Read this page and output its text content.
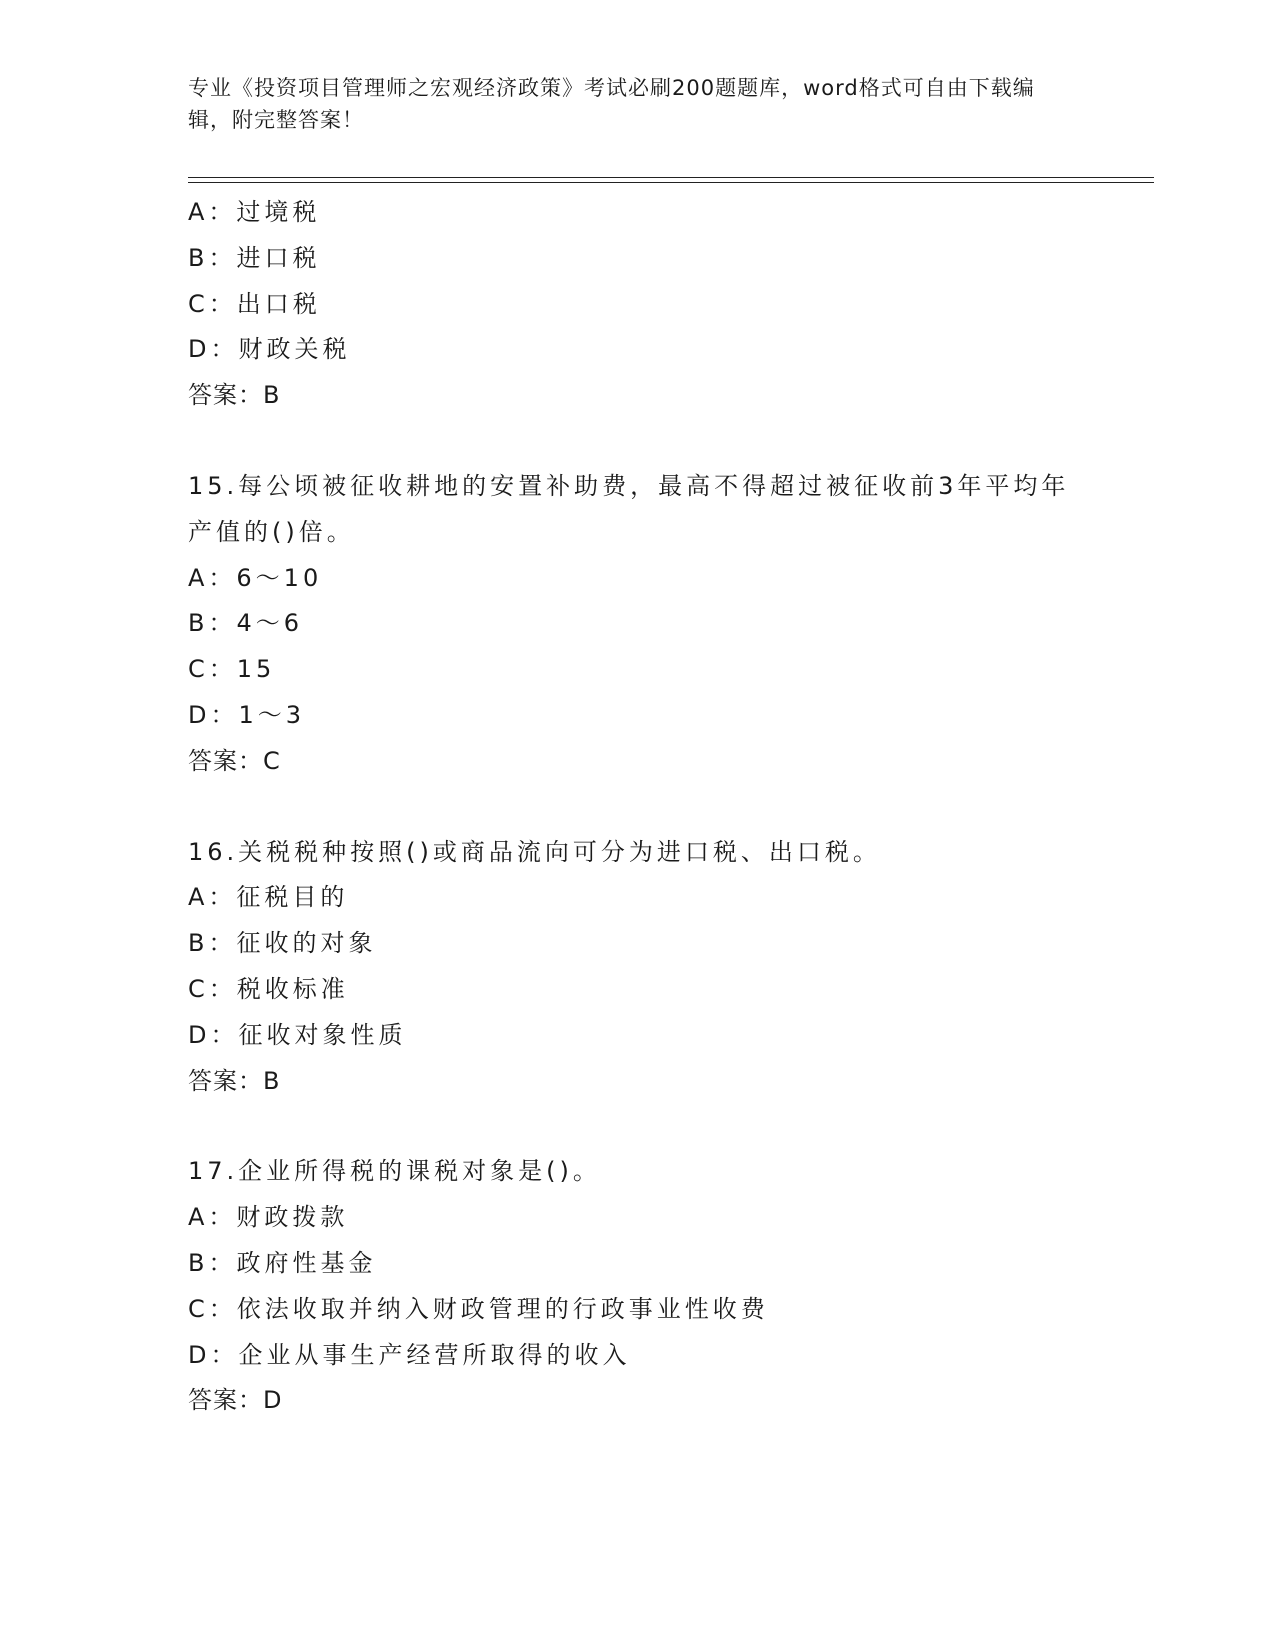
专业《投资项目管理师之宏观经济政策》考试必刷200题题库，word格式可自由下载编辑，附完整答案！
A：过境税
B：进口税
C：出口税
D：财政关税
答案：B
15.每公顷被征收耕地的安置补助费，最高不得超过被征收前3年平均年产值的()倍。
A：6～10
B：4～6
C：15
D：1～3
答案：C
16.关税税种按照()或商品流向可分为进口税、出口税。
A：征税目的
B：征收的对象
C：税收标准
D：征收对象性质
答案：B
17.企业所得税的课税对象是()。
A：财政拨款
B：政府性基金
C：依法收取并纳入财政管理的行政事业性收费
D：企业从事生产经营所取得的收入
答案：D
